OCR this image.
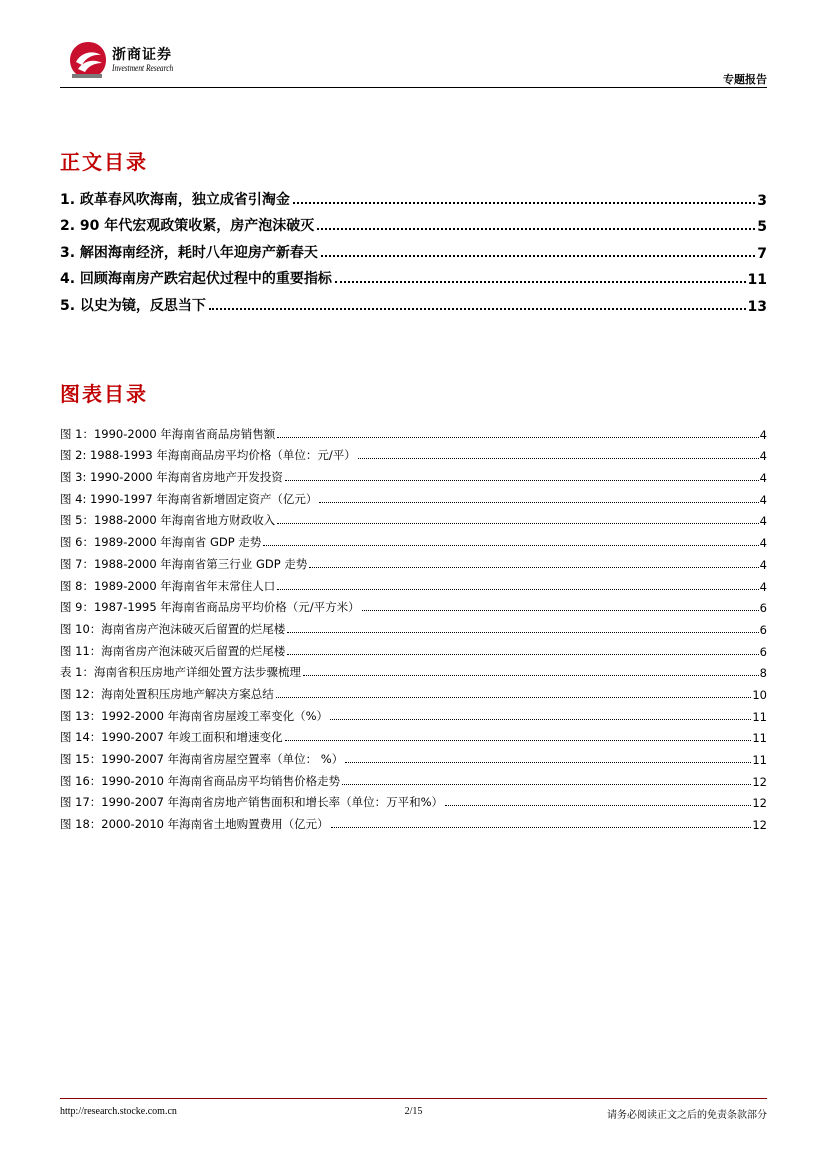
浙商证券
Investment Research
专题报告
正文目录
1. 政革春风吹海南，独立成省引淘金	3
2. 90 年代宏观政策收紧，房产泡沫破灭	5
3. 解困海南经济，耗时八年迎房产新春天	7
4. 回顾海南房产跌宕起伏过程中的重要指标	11
5. 以史为镜，反思当下	13
图表目录
图 1：1990-2000 年海南省商品房销售额	4
图 2: 1988-1993 年海南商品房平均价格（单位：元/平）	4
图 3: 1990-2000 年海南省房地产开发投资	4
图 4: 1990-1997 年海南省新增固定资产（亿元）	4
图 5：1988-2000 年海南省地方财政收入	4
图 6：1989-2000 年海南省 GDP 走势	4
图 7：1988-2000 年海南省第三行业 GDP 走势	4
图 8：1989-2000 年海南省年末常住人口	4
图 9：1987-1995 年海南省商品房平均价格（元/平方米）	6
图 10：海南省房产泡沫破灭后留置的烂尾楼	6
图 11：海南省房产泡沫破灭后留置的烂尾楼	6
表 1：海南省积压房地产详细处置方法步骤梳理	8
图 12：海南处置积压房地产解决方案总结	10
图 13：1992-2000 年海南省房屋竣工率变化（%）	11
图 14：1990-2007 年竣工面积和增速变化	11
图 15：1990-2007 年海南省房屋空置率（单位： %）	11
图 16：1990-2010 年海南省商品房平均销售价格走势	12
图 17：1990-2007 年海南省房地产销售面积和增长率（单位：万平和%）	12
图 18：2000-2010 年海南省土地购置费用（亿元）	12
http://research.stocke.com.cn	2/15	请务必阅读正文之后的免责条款部分
